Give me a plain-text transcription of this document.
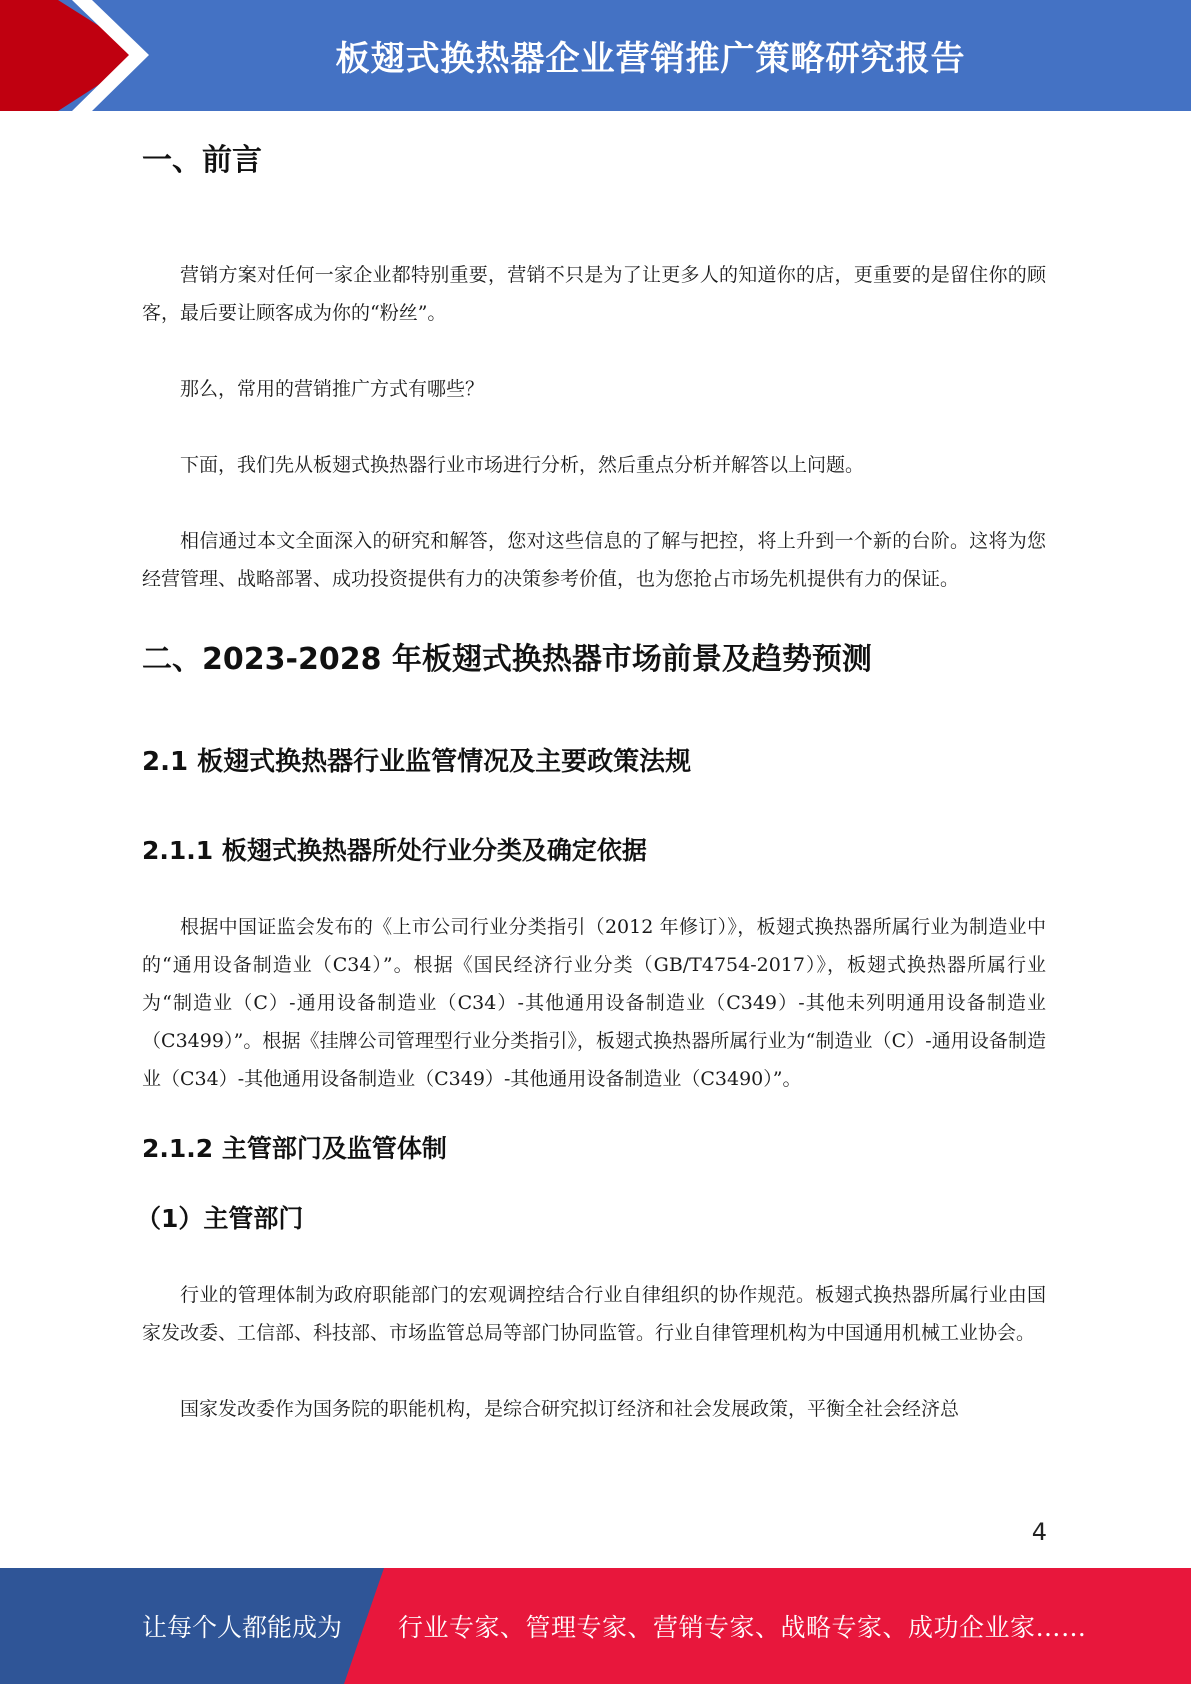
板翅式换热器企业营销推广策略研究报告
一、前言

营销方案对任何一家企业都特别重要，营销不只是为了让更多人的知道你的店，更重要的是留住你的顾客，最后要让顾客成为你的“粉丝”。

那么，常用的营销推广方式有哪些？

下面，我们先从板翅式换热器行业市场进行分析，然后重点分析并解答以上问题。

相信通过本文全面深入的研究和解答，您对这些信息的了解与把控，将上升到一个新的台阶。这将为您经营管理、战略部署、成功投资提供有力的决策参考价值，也为您抢占市场先机提供有力的保证。

二、2023-2028 年板翅式换热器市场前景及趋势预测
2.1 板翅式换热器行业监管情况及主要政策法规
2.1.1 板翅式换热器所处行业分类及确定依据

根据中国证监会发布的《上市公司行业分类指引（2012 年修订）》，板翅式换热器所属行业为制造业中的“通用设备制造业（C34）”。根据《国民经济行业分类（GB/T4754-2017）》，板翅式换热器所属行业为“制造业（C）-通用设备制造业（C34）-其他通用设备制造业（C349）-其他未列明通用设备制造业（C3499）”。根据《挂牌公司管理型行业分类指引》，板翅式换热器所属行业为“制造业（C）-通用设备制造业（C34）-其他通用设备制造业（C349）-其他通用设备制造业（C3490）”。

2.1.2 主管部门及监管体制
（1）主管部门

行业的管理体制为政府职能部门的宏观调控结合行业自律组织的协作规范。板翅式换热器所属行业由国家发改委、工信部、科技部、市场监管总局等部门协同监管。行业自律管理机构为中国通用机械工业协会。

国家发改委作为国务院的职能机构，是综合研究拟订经济和社会发展政策，平衡全社会经济总

4
让每个人都能成为 行业专家、管理专家、营销专家、战略专家、成功企业家……
